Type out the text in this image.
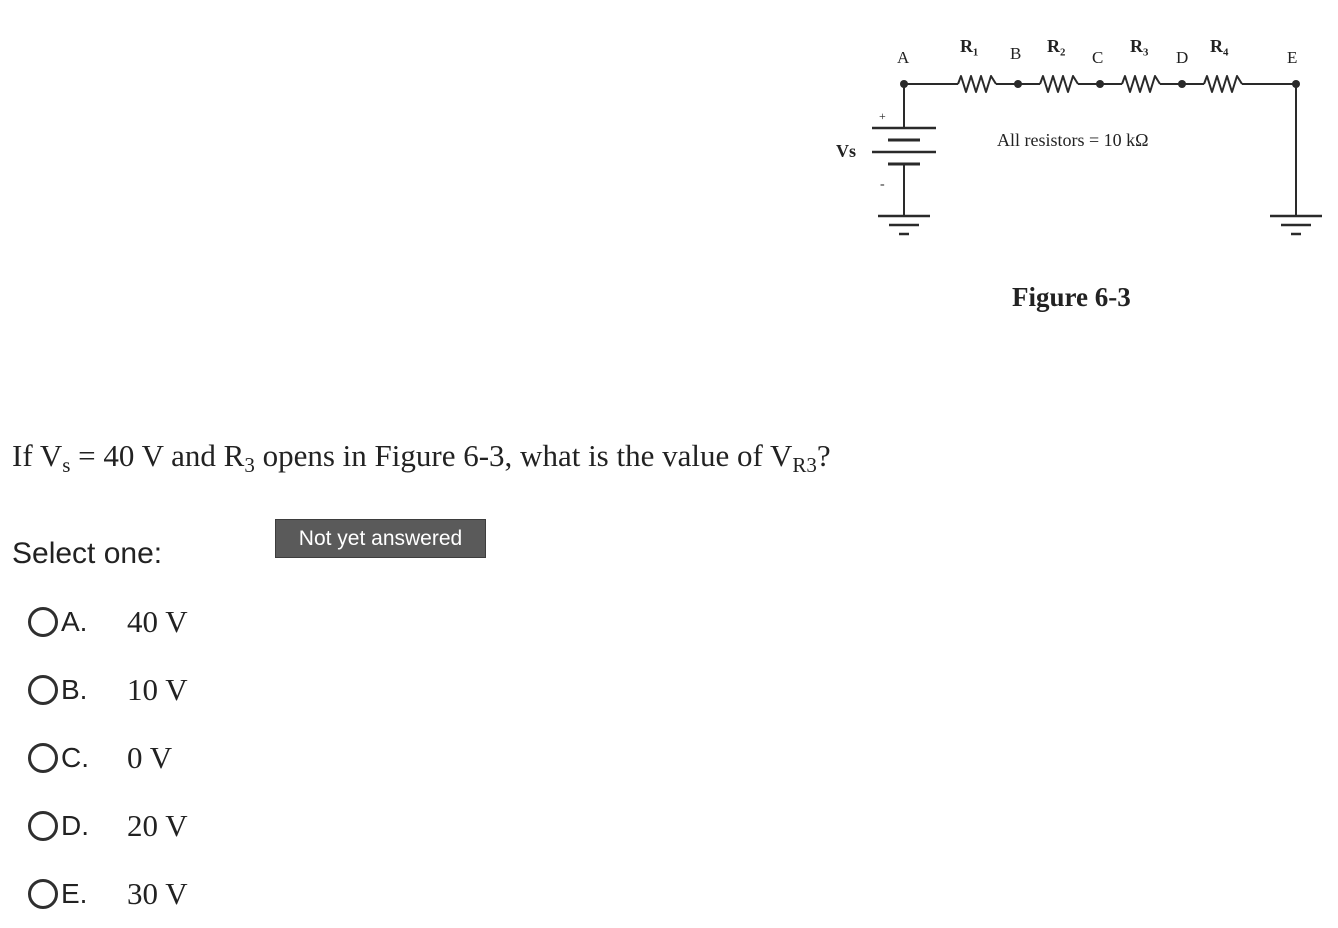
A	B	C	D	E
R₁	R₂	R₃	R₄
Vs
+
-
All resistors = 10 kΩ
Figure 6-3

If $V_s = 40$ V and $R_3$ opens in Figure 6-3, what is the value of $V_{R3}$?

Not yet answered
Select one:
A.	40 V
B.	10 V
C.	0 V
D.	20 V
E.	30 V
